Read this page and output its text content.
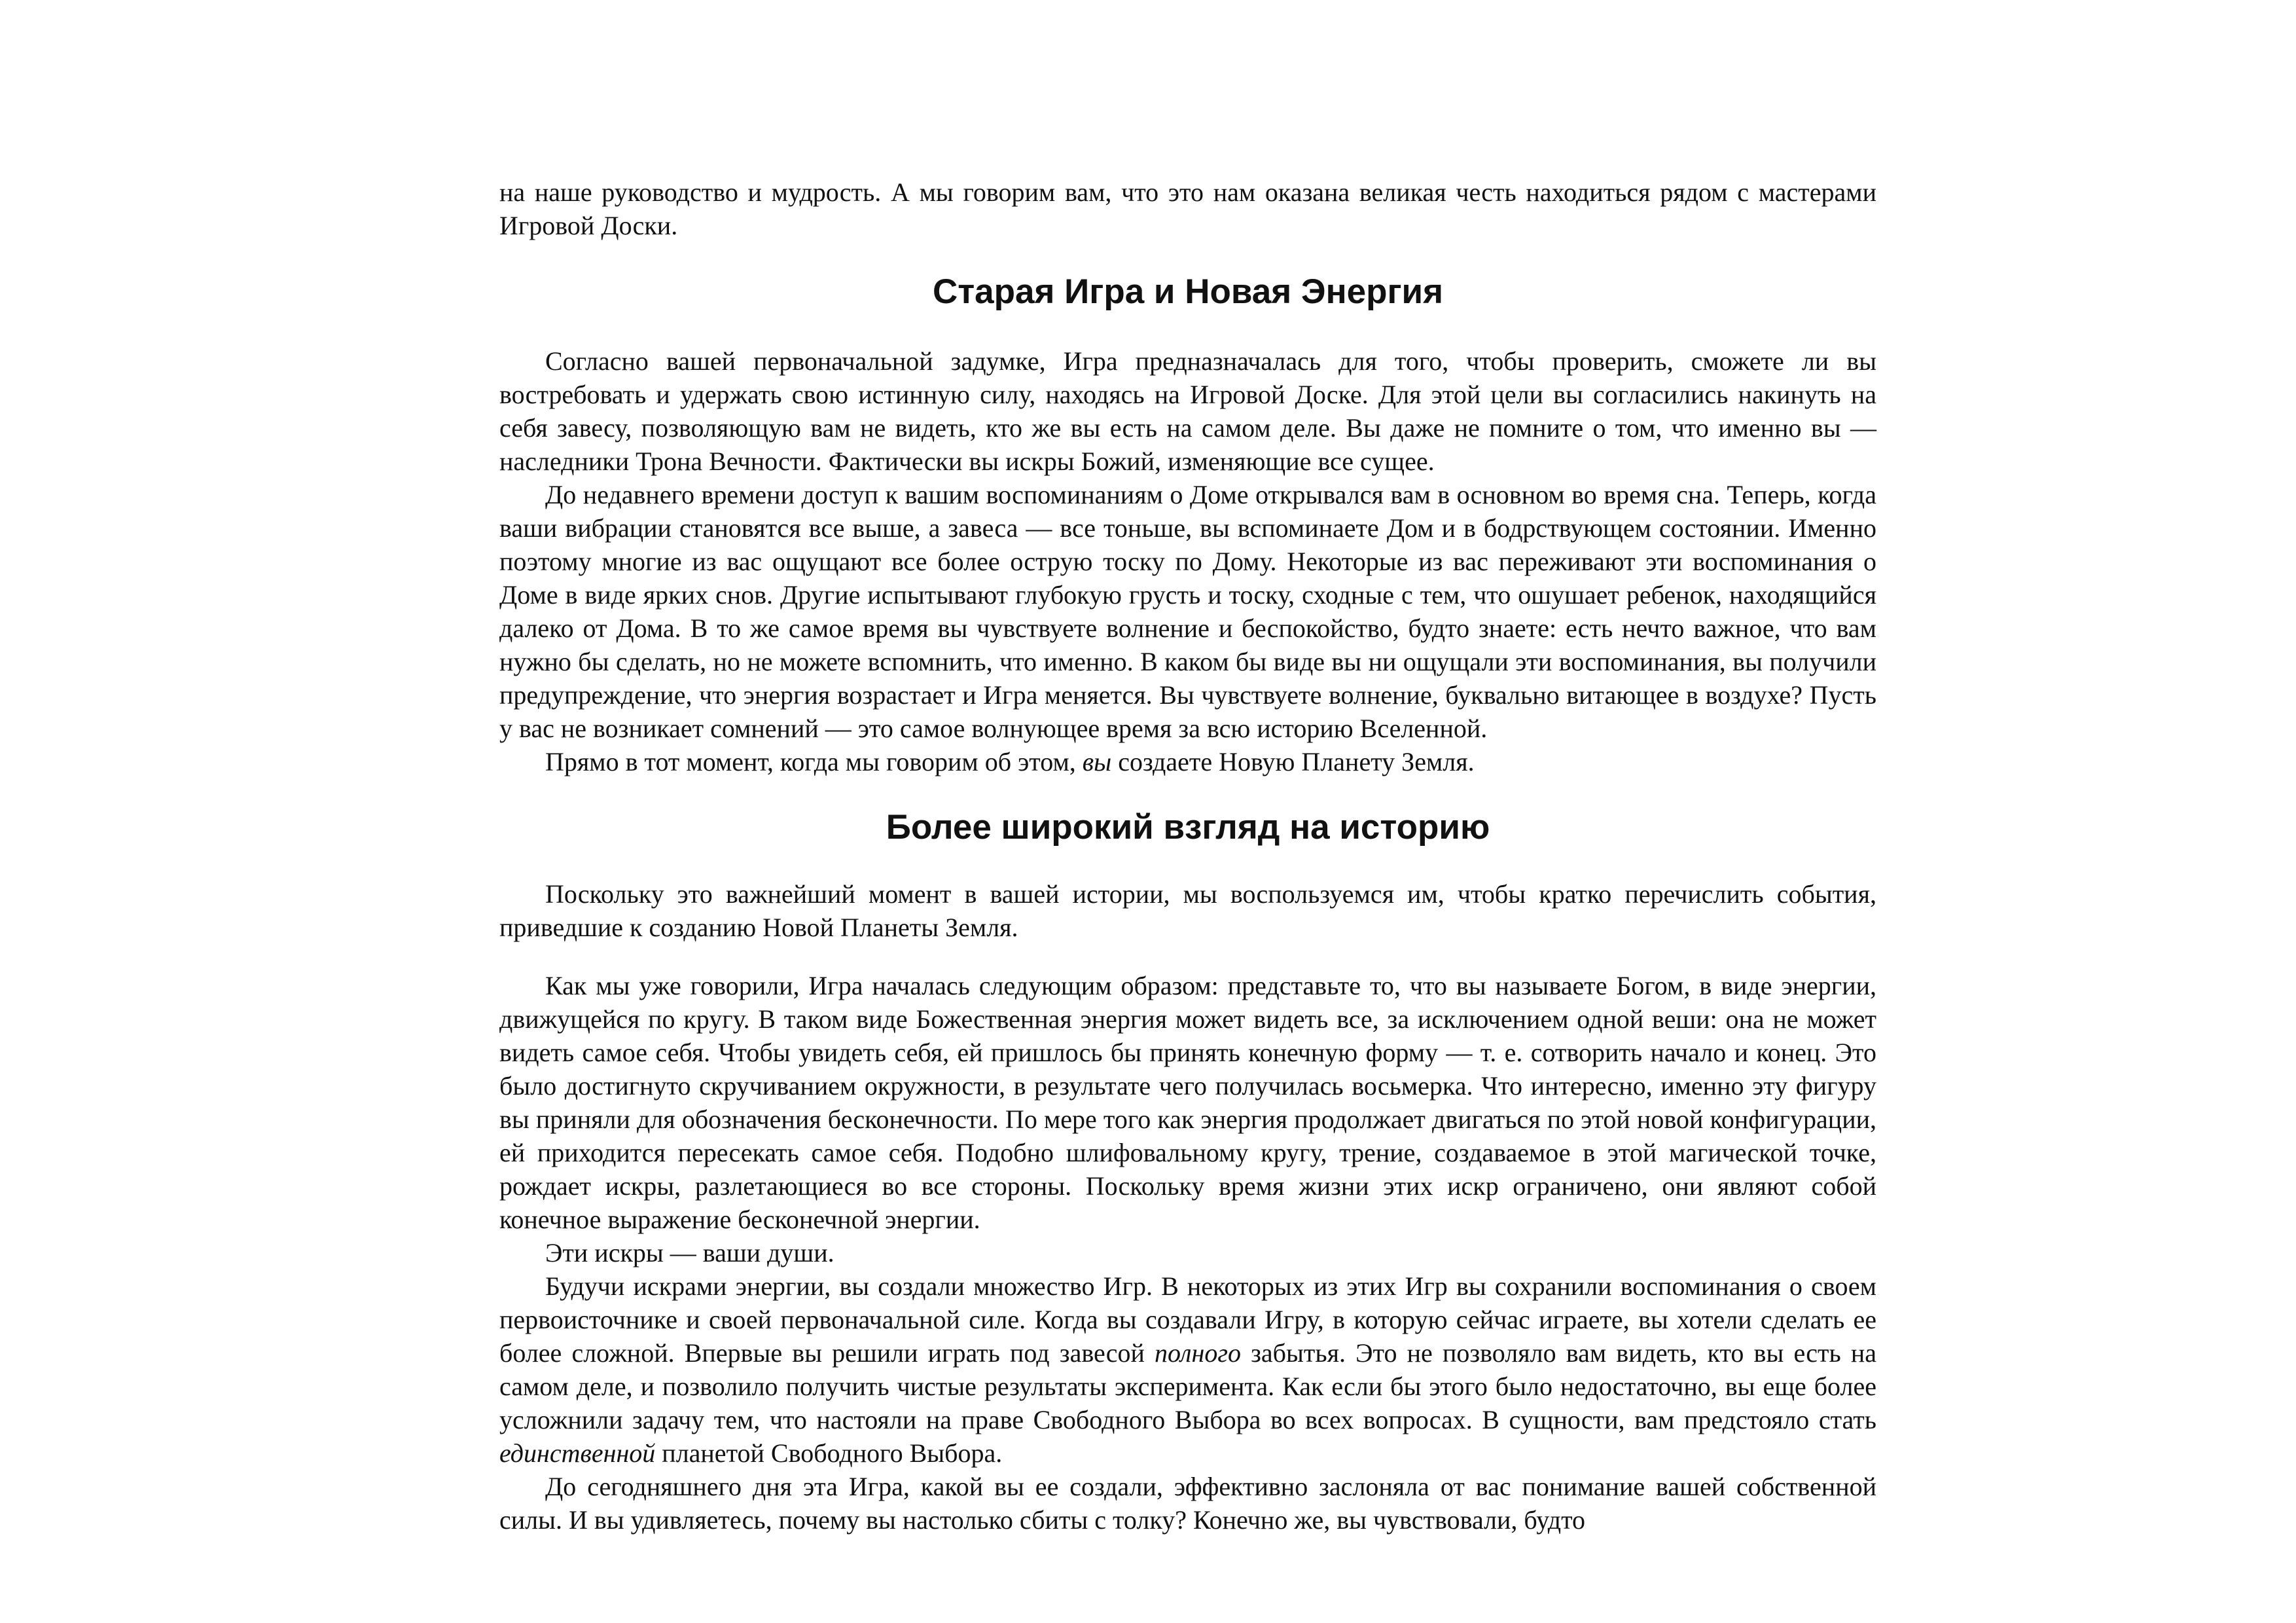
на наше руководство и мудрость. А мы говорим вам, что это нам оказана великая честь находиться рядом с мастерами Игровой Доски.

Старая Игра и Новая Энергия

Согласно вашей первоначальной задумке, Игра предназначалась для того, чтобы проверить, сможете ли вы востребовать и удержать свою истинную силу, находясь на Игровой Доске. Для этой цели вы согласились накинуть на себя завесу, позволяющую вам не видеть, кто же вы есть на самом деле. Вы даже не помните о том, что именно вы — наследники Трона Вечности. Фактически вы искры Божий, изменяющие все сущее.

До недавнего времени доступ к вашим воспоминаниям о Доме открывался вам в основном во время сна. Теперь, когда ваши вибрации становятся все выше, а завеса — все тоньше, вы вспоминаете Дом и в бодрствующем состоянии. Именно поэтому многие из вас ощущают все более острую тоску по Дому. Некоторые из вас переживают эти воспоминания о Доме в виде ярких снов. Другие испытывают глубокую грусть и тоску, сходные с тем, что ошушает ребенок, находящийся далеко от Дома. В то же самое время вы чувствуете волнение и беспокойство, будто знаете: есть нечто важное, что вам нужно бы сделать, но не можете вспомнить, что именно. В каком бы виде вы ни ощущали эти воспоминания, вы получили предупреждение, что энергия возрастает и Игра меняется. Вы чувствуете волнение, буквально витающее в воздухе? Пусть у вас не возникает сомнений — это самое волнующее время за всю историю Вселенной.

Прямо в тот момент, когда мы говорим об этом, вы создаете Новую Планету Земля.

Более широкий взгляд на историю

Поскольку это важнейший момент в вашей истории, мы воспользуемся им, чтобы кратко перечислить события, приведшие к созданию Новой Планеты Земля.

Как мы уже говорили, Игра началась следующим образом: представьте то, что вы называете Богом, в виде энергии, движущейся по кругу. В таком виде Божественная энергия может видеть все, за исключением одной веши: она не может видеть самое себя. Чтобы увидеть себя, ей пришлось бы принять конечную форму — т. е. сотворить начало и конец. Это было достигнуто скручиванием окружности, в результате чего получилась восьмерка. Что интересно, именно эту фигуру вы приняли для обозначения бесконечности. По мере того как энергия продолжает двигаться по этой новой конфигурации, ей приходится пересекать самое себя. Подобно шлифовальному кругу, трение, создаваемое в этой магической точке, рождает искры, разлетающиеся во все стороны. Поскольку время жизни этих искр ограничено, они являют собой конечное выражение бесконечной энергии.

Эти искры — ваши души.

Будучи искрами энергии, вы создали множество Игр. В некоторых из этих Игр вы сохранили воспоминания о своем первоисточнике и своей первоначальной силе. Когда вы создавали Игру, в которую сейчас играете, вы хотели сделать ее более сложной. Впервые вы решили играть под завесой полного забытья. Это не позволяло вам видеть, кто вы есть на самом деле, и позволило получить чистые результаты эксперимента. Как если бы этого было недостаточно, вы еще более усложнили задачу тем, что настояли на праве Свободного Выбора во всех вопросах. В сущности, вам предстояло стать единственной планетой Свободного Выбора.

До сегодняшнего дня эта Игра, какой вы ее создали, эффективно заслоняла от вас понимание вашей собственной силы. И вы удивляетесь, почему вы настолько сбиты с толку? Конечно же, вы чувствовали, будто
